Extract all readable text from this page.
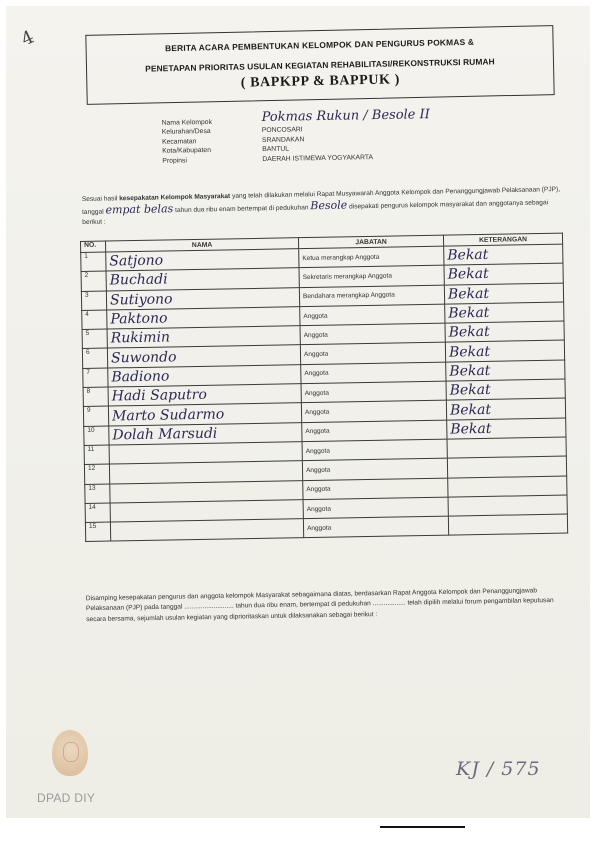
4	BERITA ACARA PEMBENTUKAN KELOMPOK DAN PENGURUS POKMAS &
PENETAPAN PRIORITAS USULAN KEGIATAN REHABILITASI/REKONSTRUKSI RUMAH
( BAPKPP & BAPPUK )
Nama Kelompok	Pokmas Rukun / Besole II
Kelurahan/Desa	PONCOSARI
Kecamatan	SRANDAKAN
Kota/Kabupaten	BANTUL
Propinsi	DAERAH ISTIMEWA YOGYAKARTA
Sesuai hasil kesepakatan Kelompok Masyarakat yang telah dilakukan melalui Rapat Musyawarah Anggota Kelompok dan Penanggungjawab Pelaksanaan (PJP), tanggal empat belas tahun dua ribu enam bertempat di pedukuhan Besole disepakati pengurus kelompok masyarakat dan anggotanya sebagai berikut :
NO.	NAMA	JABATAN	KETERANGAN
1	Satjono	Ketua merangkap Anggota	Bekat
2	Buchadi	Sekretaris merangkap Anggota	Bekat
3	Sutiyono	Bendahara merangkap Anggota	Bekat
4	Paktono	Anggota	Bekat
5	Rukimin	Anggota	Bekat
6	Suwondo	Anggota	Bekat
7	Badiono	Anggota	Bekat
8	Hadi Saputro	Anggota	Bekat
9	Marto Sudarmo	Anggota	Bekat
10	Dolah Marsudi	Anggota	Bekat
11		Anggota	
12		Anggota	
13		Anggota	
14		Anggota	
15		Anggota	
Disamping kesepakatan pengurus dan anggota kelompok Masyarakat sebagaimana diatas, berdasarkan Rapat Anggota Kelompok dan Penanggungjawab Pelaksanaan (PJP) pada tanggal ........................... tahun dua ribu enam, bertempat di pedukuhan .................. telah dipilih melalui forum pengambilan keputusan secara bersama, sejumlah usulan kegiatan yang diprioritaskan untuk dilaksanakan sebagai berikut :
DPAD DIY
KJ / 575
